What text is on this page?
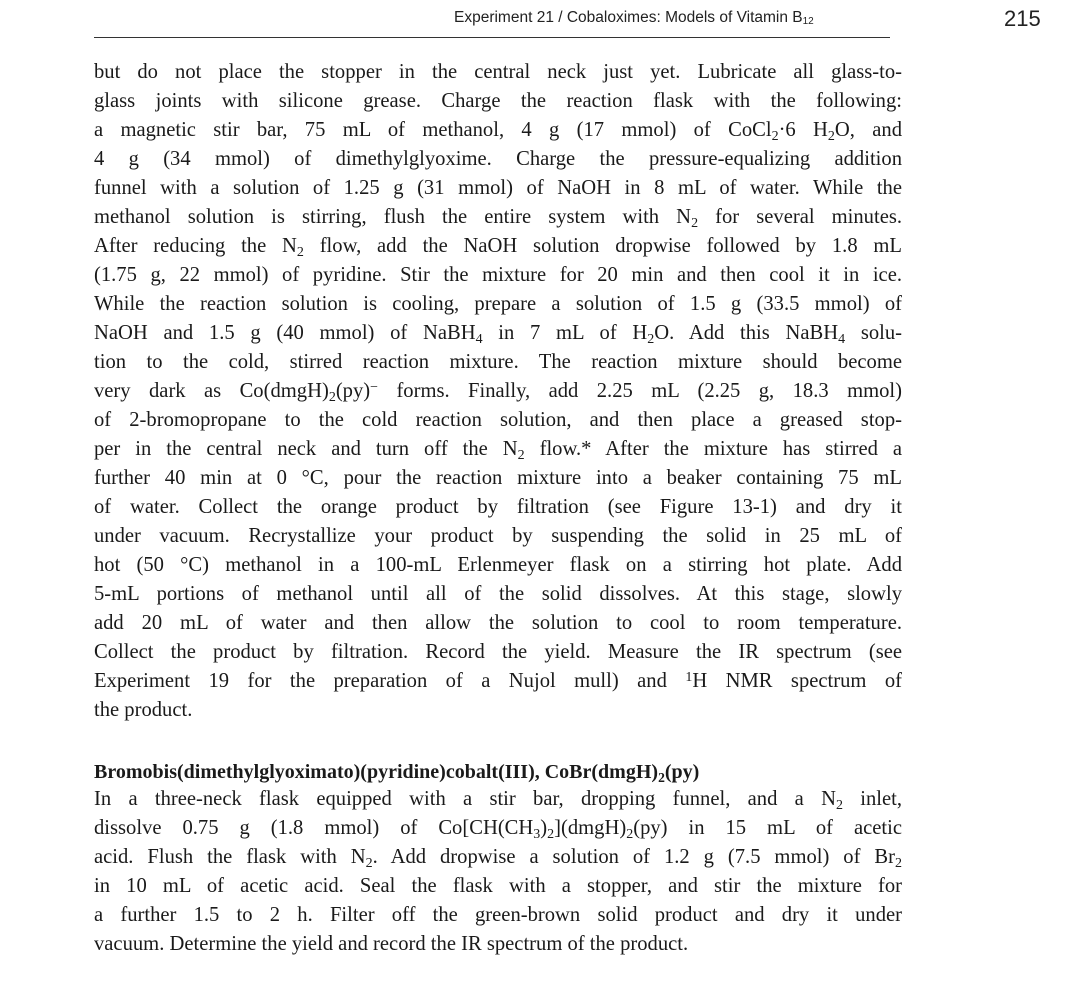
Experiment 21 / Cobaloximes: Models of Vitamin $B_{12}$	215
but do not place the stopper in the central neck just yet. Lubricate all glass-to-
glass joints with silicone grease. Charge the reaction flask with the following:
a magnetic stir bar, 75 mL of methanol, 4 g (17 mmol) of CoCl$_2$·6 $H_2O$, and
4 g (34 mmol) of dimethylglyoxime. Charge the pressure-equalizing addition
funnel with a solution of 1.25 g (31 mmol) of NaOH in 8 mL of water. While the
methanol solution is stirring, flush the entire system with $N_2$ for several minutes.
After reducing the $N_2$ flow, add the NaOH solution dropwise followed by 1.8 mL
(1.75 g, 22 mmol) of pyridine. Stir the mixture for 20 min and then cool it in ice.
While the reaction solution is cooling, prepare a solution of 1.5 g (33.5 mmol) of
NaOH and 1.5 g (40 mmol) of NaBH$_4$ in 7 mL of $H_2O$. Add this NaBH$_4$ solu-
tion to the cold, stirred reaction mixture. The reaction mixture should become
very dark as $Co(dmgH)_2(py)^-$ forms. Finally, add 2.25 mL (2.25 g, 18.3 mmol)
of 2-bromopropane to the cold reaction solution, and then place a greased stop-
per in the central neck and turn off the $N_2$ flow.* After the mixture has stirred a
further 40 min at 0 °C, pour the reaction mixture into a beaker containing 75 mL
of water. Collect the orange product by filtration (see Figure 13-1) and dry it
under vacuum. Recrystallize your product by suspending the solid in 25 mL of
hot (50 °C) methanol in a 100-mL Erlenmeyer flask on a stirring hot plate. Add
5-mL portions of methanol until all of the solid dissolves. At this stage, slowly
add 20 mL of water and then allow the solution to cool to room temperature.
Collect the product by filtration. Record the yield. Measure the IR spectrum (see
Experiment 19 for the preparation of a Nujol mull) and $^1$H NMR spectrum of
the product.
Bromobis(dimethylglyoximato)(pyridine)cobalt(III), $CoBr(dmgH)_2(py)$
In a three-neck flask equipped with a stir bar, dropping funnel, and a $N_2$ inlet,
dissolve 0.75 g (1.8 mmol) of $Co[CH(CH_3)_2](dmgH)_2(py)$ in 15 mL of acetic
acid. Flush the flask with $N_2$. Add dropwise a solution of 1.2 g (7.5 mmol) of $Br_2$
in 10 mL of acetic acid. Seal the flask with a stopper, and stir the mixture for
a further 1.5 to 2 h. Filter off the green-brown solid product and dry it under
vacuum. Determine the yield and record the IR spectrum of the product.
